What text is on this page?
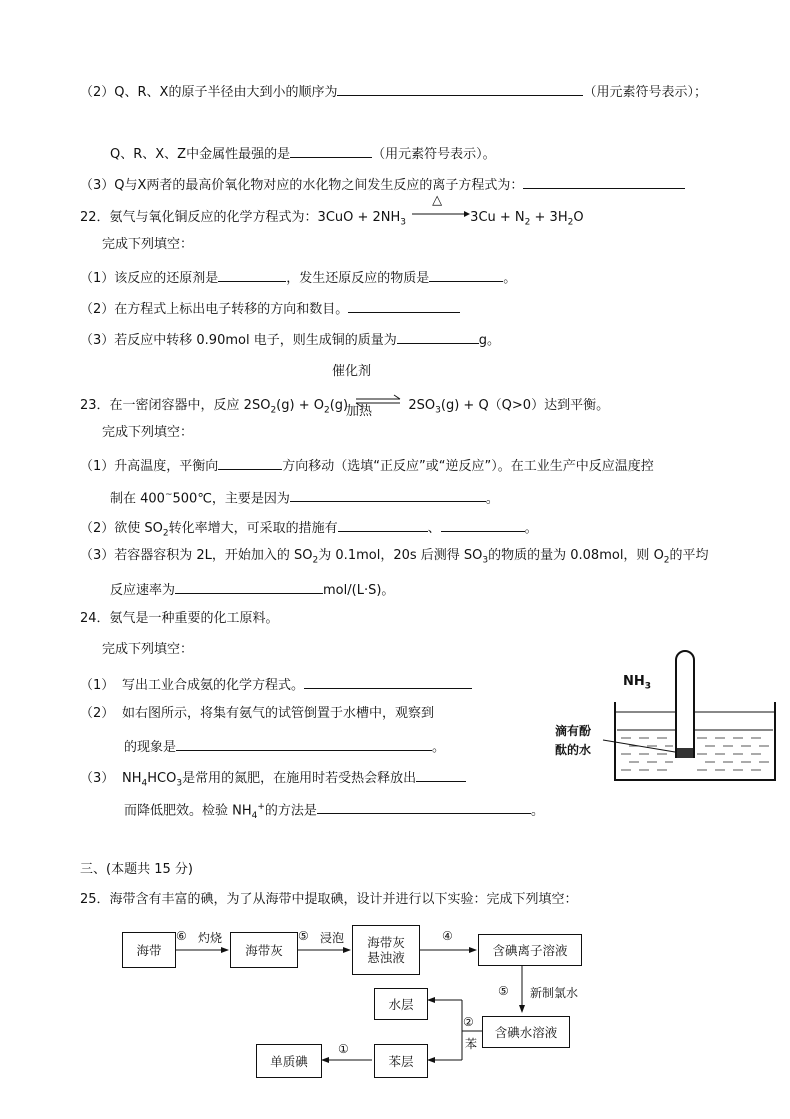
（2）Q、R、X的原子半径由大到小的顺序为	（用元素符号表示）；
Q、R、X、Z中金属性最强的是	（用元素符号表示）。
（3）Q与X两者的最高价氧化物对应的水化物之间发生反应的离子方程式为：
22．氨气与氧化铜反应的化学方程式为：$3CuO + 2NH_3$
△
$3Cu + N_2 + 3H_2O$
完成下列填空：
（1）该反应的还原剂是	，发生还原反应的物质是	。
（2）在方程式上标出电子转移的方向和数目。
（3）若反应中转移 0.90mol 电子，则生成铜的质量为	g。
催化剂
23．在一密闭容器中，反应 $2SO_2(g) + O_2(g)$	$2SO_3(g) + Q(Q>0)$达到平衡。
加热
完成下列填空：
（1）升高温度，平衡向	方向移动（选填“正反应”或“逆反应”）。在工业生产中反应温度控
制在 400~500℃，主要是因为	。
（2）欲使 $SO_2$转化率增大，可采取的措施有	、	。
（3）若容器容积为 2L，开始加入的 $SO_2$为 0.1mol，20s 后测得 $SO_3$的物质的量为 0.08mol，则 $O_2$的平均
反应速率为	mol/(L·S)。
24．氨气是一种重要的化工原料。
完成下列填空：
（1） 写出工业合成氨的化学方程式。
（2） 如右图所示，将集有氨气的试管倒置于水槽中，观察到
的现象是	。
（3） $NH_4HCO_3$是常用的氮肥，在施用时若受热会释放出
而降低肥效。检验 $NH_4^+$的方法是	。
$NH_3$
滴有酚
酞的水
三、(本题共 15 分)
25．海带含有丰富的碘，为了从海带中提取碘，设计并进行以下实验：完成下列填空：
海带	海带灰	海带灰
悬浊液	含碘离子溶液
水层
含碘水溶液
苯层
单质碘
⑥ 灼烧	⑤ 浸泡	④
⑤ 新制氯水
②
苯
①
